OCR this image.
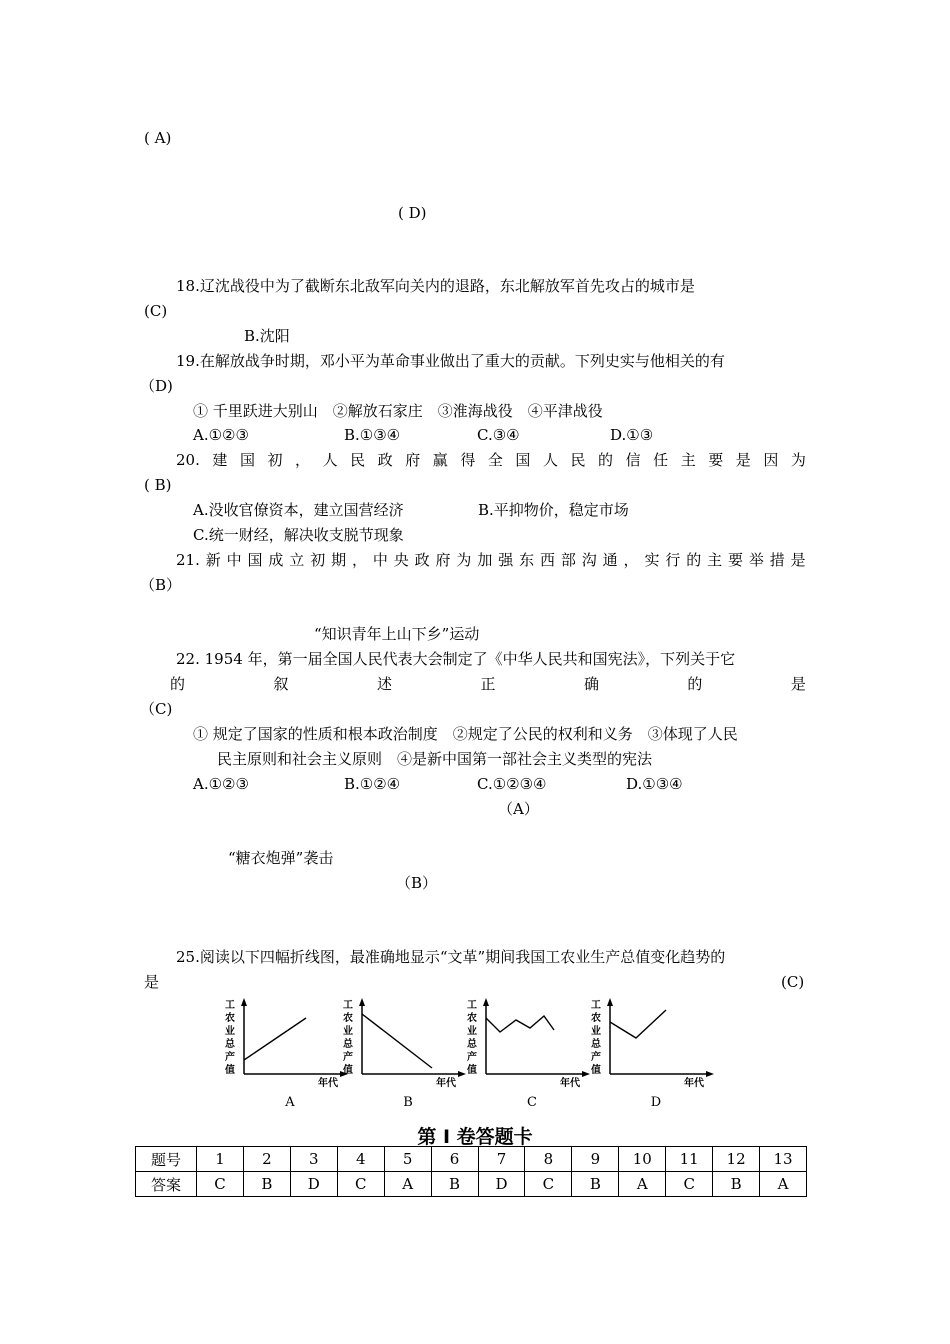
( A)
( D)
18.辽沈战役中为了截断东北敌军向关内的退路，东北解放军首先攻占的城市是
(C)
B.沈阳
19.在解放战争时期，邓小平为革命事业做出了重大的贡献。下列史实与他相关的有
（D)
① 千里跃进大别山　②解放石家庄　③淮海战役　④平津战役
A.①②③	B.①③④	C.③④	D.①③
20. 建 国 初 ， 人 民 政 府 赢 得 全 国 人 民 的 信 任 主 要 是 因 为
( B)
A.没收官僚资本，建立国营经济	B.平抑物价，稳定市场
C.统一财经，解决收支脱节现象
21. 新 中 国 成 立 初 期 ， 中 央 政 府 为 加 强 东 西 部 沟 通 ， 实 行 的 主 要 举 措 是
（B）
“知识青年上山下乡”运动
22. 1954 年，第一届全国人民代表大会制定了《中华人民共和国宪法》，下列关于它
的	叙	述	正	确	的	是
（C)
① 规定了国家的性质和根本政治制度　②规定了公民的权利和义务　③体现了人民
民主原则和社会主义原则　④是新中国第一部社会主义类型的宪法
A.①②③	B.①②④	C.①②③④	D.①③④
（A）
“糖衣炮弹”袭击
（B）
25.阅读以下四幅折线图，最准确地显示“文革”期间我国工农业生产总值变化趋势的
是	(C)
工
农
业
总
产
值
年代
A
工
农
业
总
产
值
年代
B
工
农
业
总
产
值
年代
C
工
农
业
总
产
值
年代
D
第 I 卷答题卡
题号	1	2	3	4	5	6	7	8	9	10	11	12	13
答案	C	B	D	C	A	B	D	C	B	A	C	B	A
